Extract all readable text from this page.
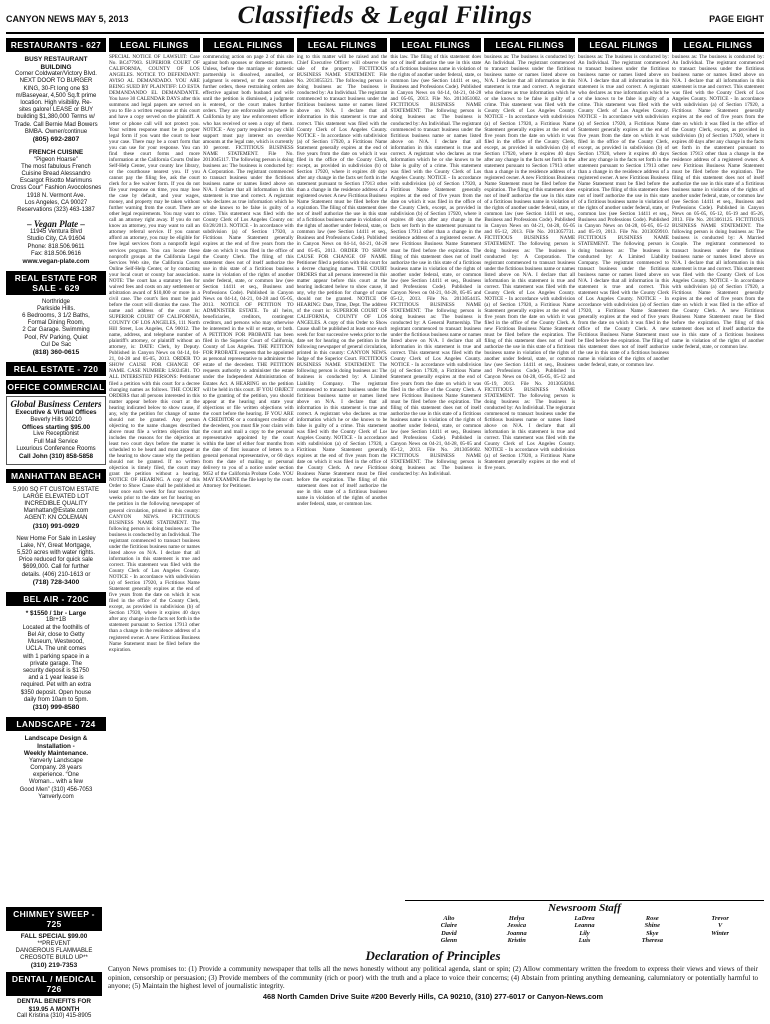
CANYON NEWS MAY 5, 2013	Classifieds & Legal Filings	PAGE EIGHT
RESTAURANTS - 627
BUSY RESTAURANT
BUILDING
Corner Coldwater/Victory Blvd.
NEXT DOOR TO BURGER
KING, 30-Ft long one $3
m/Baseyear, 4,500 Sq.ft prime
location. High visibility. Re-
sites galore! LEASE or BUY
building $1,380,000 Terms w/
Trade. Call Bernie Mad Bowers
BMBA. Owner/continue
(805) 692-2807
FRENCH CUISINE
“Pigeon Hoarse”
The most fabulous French
Cuisine Bread Alessandro
Escargot Risotto Marimuns
Cross Cour” Fashion Avocolosnes
1918 N. Vermont Ave.
Los Angeles, CA 90027
Reservations (323) 463-1387
– Vegan Plate –
11945 Ventura Blvd
Studio City, CA 91604
Phone: 818.506.9611
Fax: 818.506.9616
www.vegan-plate.com
REAL ESTATE FOR SALE - 629
Northridge
Parkside Hills.
6 Bedrooms, 3 1/2 Baths,
Formal Dining Room,
2 Car Garage. Swimming
Pool, RV Parking, Quiet
Cul De Sac
(818) 360-0615
REAL ESTATE - 720
OFFICE COMMERCIAL
Global Business Centers
Executive & Virtual Offices
Beverly Hills 90210
Offices starting $95.00
Live Receptionist
Full Mail Service
Luxurious Conference Rooms
Call John (310) 858-5858
MANHATTAN BEACH
5,990 SQ FT CUSTOM ESTATE
LARGE ELEVATED LOT
INCREDIBLE QUALITY
Manhattan@Estate.com
AGENT: KN COLEMAN
(310) 991-0929
New Home For Sale in Lesley
Lake, NY, Great Mortgage,
5,520 acres with water rights.
Price reduced for quick sale
$699,000. Call for further
details. (406) 210-1613 or
(718) 728-3400
BEL AIR - 720C
* $1550 / 1br - Large
1Br+1B
Located at the foothills of
Bel Air, close to Getty
Museum, Westwood,
UCLA. The unit comes
with 1 parking space in a
private garage. The
security deposit is $1750
and a 1 year lease is
required. Pet with an extra
$350 deposit. Open house
daily from 10am to 5pm.
(310) 999-8580
LANDSCAPE - 724
Landscape Design &
Installation -
Weekly Maintenance.
Yanverly Landscape
Company. 28 years
experience. “One
Woman... with a few
Good Men” (310) 456-7053
Yanverly.com
LEGAL FILINGS
SPECIAL NOTICE OF LAWSUIT: Case No. BC477903. SUPERIOR COURT OF CALIFORNIA, COUNTY OF LOS ANGELES. NOTICE TO DEFENDANT: AVISO AL DEMANDADO. YOU ARE BEING SUED BY PLAINTIFF: LO ESTA DEMANDANDO EL DEMANDANTE. You have 30 CALENDAR DAYS after this summons and legal papers are served on you to file a written response at this court and have a copy served on the plaintiff. A letter or phone call will not protect you. Your written response must be in proper legal form if you want the court to hear your case. There may be a court form that you can use for your response. You can find these court forms and more information at the California Courts Online Self-Help Center, your county law library, or the courthouse nearest you. If you cannot pay the filing fee, ask the court clerk for a fee waiver form. If you do not file your response on time, you may lose the case by default, and your wages, money, and property may be taken without further warning from the court. There are other legal requirements. You may want to call an attorney right away. If you do not know an attorney, you may want to call an attorney referral service. If you cannot afford an attorney, you may be eligible for free legal services from a nonprofit legal services program. You can locate these nonprofit groups at the California Legal Services Web site, the California Courts Online Self-Help Center, or by contacting your local court or county bar association. NOTE: The court has a statutory lien for waived fees and costs on any settlement or arbitration award of $10,000 or more in a civil case. The court's lien must be paid before the court will dismiss the case. The name and address of the court is: SUPERIOR COURT OF CALIFORNIA, COUNTY OF LOS ANGELES, 111 North Hill Street, Los Angeles, CA 90012. The name, address, and telephone number of plaintiff's attorney, or plaintiff without an attorney, is: DATE: Clerk, by Deputy. Published in Canyon News on 04-14, 04-21, 04-28 and 05-05, 2013. ORDER TO SHOW CAUSE FOR CHANGE OF NAME. CASE NUMBER: LS024581. TO ALL INTERESTED PERSONS: Petitioner filed a petition with this court for a decree changing names as follows. THE COURT ORDERS that all persons interested in this matter appear before this court at the hearing indicated below to show cause, if any, why the petition for change of name should not be granted. Any person objecting to the name changes described above must file a written objection that includes the reasons for the objection at least two court days before the matter is scheduled to be heard and must appear at the hearing to show cause why the petition should not be granted. If no written objection is timely filed, the court may grant the petition without a hearing. NOTICE OF HEARING. A copy of this Order to Show Cause shall be published at least once each week for four successive weeks prior to the date set for hearing on the petition in the following newspaper of general circulation, printed in this county: CANYON NEWS. FICTITIOUS BUSINESS NAME STATEMENT. The following person is doing business as: The business is conducted by an Individual. The registrant commenced to transact business under the fictitious business name or names listed above on N/A. I declare that all information in this statement is true and correct. This statement was filed with the County Clerk of Los Angeles County. NOTICE - In accordance with subdivision (a) of Section 17920, a Fictitious Name Statement generally expires at the end of five years from the date on which it was filed in the office of the County Clerk, except, as provided in subdivision (b) of Section 17920, where it expires 40 days after any change in the facts set forth in the statement pursuant to Section 17913 other than a change in the residence address of a registered owner. A new Fictitious Business Name Statement must be filed before the expiration.
LEGAL FILINGS
commencing action on page 2 of this site against both spouses or domestic partners. Unless, before the marriage or domestic partnership is dissolved, annulled, or judgment is entered, or the court makes further orders, these restraining orders are effective against both husband and wife until the petition is dismissed, a judgment is entered, or the court makes further orders. They are enforceable anywhere in California by any law enforcement officer who has received or seen a copy of them. NOTICE - Any party required to pay child support must pay interest on overdue amounts at the legal rate, which is currently 10 percent. FICTITIOUS BUSINESS NAME STATEMENT. File No. 2013045117. The following person is doing business as: The business is conducted by: A Corporation. The registrant commenced to transact business under the fictitious business name or names listed above on N/A. I declare that all information in this statement is true and correct. A registrant who declares as true information which he or she knows to be false is guilty of a crime. This statement was filed with the County Clerk of Los Angeles County on: 03/28/2013. NOTICE - In accordance with subdivision (a) of Section 17920, a Fictitious Name Statement generally expires at the end of five years from the date on which it was filed in the office of the County Clerk. The filing of this statement does not of itself authorize the use in this state of a fictitious business name in violation of the rights of another under federal, state, or common law (see Section 14411 et seq., Business and Professions Code). Published in Canyon News on 04-14, 04-21, 04-28 and 05-05, 2013. NOTICE OF PETITION TO ADMINISTER ESTATE. To all heirs, beneficiaries, creditors, contingent creditors, and persons who may otherwise be interested in the will or estate, or both. A PETITION FOR PROBATE has been filed in the Superior Court of California, County of Los Angeles. THE PETITION FOR PROBATE requests that be appointed as personal representative to administer the estate of the decedent. THE PETITION requests authority to administer the estate under the Independent Administration of Estates Act. A HEARING on the petition will be held in this court. IF YOU OBJECT to the granting of the petition, you should appear at the hearing and state your objections or file written objections with the court before the hearing. IF YOU ARE A CREDITOR or a contingent creditor of the decedent, you must file your claim with the court and mail a copy to the personal representative appointed by the court within the later of either four months from the date of first issuance of letters to a general personal representative, or 60 days from the date of mailing or personal delivery to you of a notice under section 9052 of the California Probate Code. YOU MAY EXAMINE the file kept by the court. Attorney for Petitioner.
LEGAL FILINGS
ing to this matter will be raised and the Chief Executive Officer will observe the sale of the property. FICTITIOUS BUSINESS NAME STATEMENT. File No. 2013055321. The following person is doing business as: The business is conducted by: An Individual. The registrant commenced to transact business under the fictitious business name or names listed above on N/A. I declare that all information in this statement is true and correct. This statement was filed with the County Clerk of Los Angeles County. NOTICE - In accordance with subdivision (a) of Section 17920, a Fictitious Name Statement generally expires at the end of five years from the date on which it was filed in the office of the County Clerk, except, as provided in subdivision (b) of Section 17920, where it expires 40 days after any change in the facts set forth in the statement pursuant to Section 17913 other than a change in the residence address of a registered owner. A new Fictitious Business Name Statement must be filed before the expiration. The filing of this statement does not of itself authorize the use in this state of a fictitious business name in violation of the rights of another under federal, state, or common law (see Section 14411 et seq., Business and Professions Code). Published in Canyon News on 04-14, 04-21, 04-28 and 05-05, 2013. ORDER TO SHOW CAUSE FOR CHANGE OF NAME. Petitioner filed a petition with this court for a decree changing names. THE COURT ORDERS that all persons interested in this matter appear before this court at the hearing indicated below to show cause, if any, why the petition for change of name should not be granted. NOTICE OF HEARING: Date, Time, Dept. The address of the court is: SUPERIOR COURT OF CALIFORNIA, COUNTY OF LOS ANGELES. A copy of this Order to Show Cause shall be published at least once each week for four successive weeks prior to the date set for hearing on the petition in the following newspaper of general circulation, printed in this county: CANYON NEWS. Judge of the Superior Court. FICTITIOUS BUSINESS NAME STATEMENT. The following person is doing business as: The business is conducted by: A Limited Liability Company. The registrant commenced to transact business under the fictitious business name or names listed above on N/A. I declare that all information in this statement is true and correct. A registrant who declares as true information which he or she knows to be false is guilty of a crime. This statement was filed with the County Clerk of Los Angeles County. NOTICE - In accordance with subdivision (a) of Section 17920, a Fictitious Name Statement generally expires at the end of five years from the date on which it was filed in the office of the County Clerk. A new Fictitious Business Name Statement must be filed before the expiration. The filing of this statement does not of itself authorize the use in this state of a fictitious business name in violation of the rights of another under federal, state, or common law.
LEGAL FILINGS
this law. The filing of this statement does not of itself authorize the use in this state of a fictitious business name in violation of the rights of another under federal, state, or common law (see Section 14411 et seq., Business and Professions Code). Published in Canyon News on 04-14, 04-21, 04-28 and 05-05, 2013. File No. 2013051002. FICTITIOUS BUSINESS NAME STATEMENT. The following person is doing business as: The business is conducted by: An Individual. The registrant commenced to transact business under the fictitious business name or names listed above on N/A. I declare that all information in this statement is true and correct. A registrant who declares as true information which he or she knows to be false is guilty of a crime. This statement was filed with the County Clerk of Los Angeles County. NOTICE - In accordance with subdivision (a) of Section 17920, a Fictitious Name Statement generally expires at the end of five years from the date on which it was filed in the office of the County Clerk, except, as provided in subdivision (b) of Section 17920, where it expires 40 days after any change in the facts set forth in the statement pursuant to Section 17913 other than a change in the residence address of a registered owner. A new Fictitious Business Name Statement must be filed before the expiration. The filing of this statement does not of itself authorize the use in this state of a fictitious business name in violation of the rights of another under federal, state, or common law (see Section 14411 et seq., Business and Professions Code). Published in Canyon News on 04-21, 04-28, 05-05 and 05-12, 2013. File No. 2013054415. FICTITIOUS BUSINESS NAME STATEMENT. The following person is doing business as: The business is conducted by: A General Partnership. The registrant commenced to transact business under the fictitious business name or names listed above on N/A. I declare that all information in this statement is true and correct. This statement was filed with the County Clerk of Los Angeles County. NOTICE - In accordance with subdivision (a) of Section 17920, a Fictitious Name Statement generally expires at the end of five years from the date on which it was filed in the office of the County Clerk. A new Fictitious Business Name Statement must be filed before the expiration. The filing of this statement does not of itself authorize the use in this state of a fictitious business name in violation of the rights of another under federal, state, or common law (see Section 14411 et seq., Business and Professions Code). Published in Canyon News on 04-21, 04-28, 05-05 and 05-12, 2013. File No. 2013056602. FICTITIOUS BUSINESS NAME STATEMENT. The following person is doing business as: The business is conducted by: An Individual.
LEGAL FILINGS
business as: The business is conducted by: An Individual. The registrant commenced to transact business under the fictitious business name or names listed above on N/A. I declare that all information in this statement is true and correct. A registrant who declares as true information which he or she knows to be false is guilty of a crime. This statement was filed with the County Clerk of Los Angeles County. NOTICE - In accordance with subdivision (a) of Section 17920, a Fictitious Name Statement generally expires at the end of five years from the date on which it was filed in the office of the County Clerk, except, as provided in subdivision (b) of Section 17920, where it expires 40 days after any change in the facts set forth in the statement pursuant to Section 17913 other than a change in the residence address of a registered owner. A new Fictitious Business Name Statement must be filed before the expiration. The filing of this statement does not of itself authorize the use in this state of a fictitious business name in violation of the rights of another under federal, state, or common law (see Section 14411 et seq., Business and Professions Code). Published in Canyon News on 04-21, 04-28, 05-05 and 05-12, 2013. File No. 2013057731. FICTITIOUS BUSINESS NAME STATEMENT. The following person is doing business as: The business is conducted by: A Corporation. The registrant commenced to transact business under the fictitious business name or names listed above on N/A. I declare that all information in this statement is true and correct. This statement was filed with the County Clerk of Los Angeles County. NOTICE - In accordance with subdivision (a) of Section 17920, a Fictitious Name Statement generally expires at the end of five years from the date on which it was filed in the office of the County Clerk. A new Fictitious Business Name Statement must be filed before the expiration. The filing of this statement does not of itself authorize the use in this state of a fictitious business name in violation of the rights of another under federal, state, or common law (see Section 14411 et seq., Business and Professions Code). Published in Canyon News on 04-28, 05-05, 05-12 and 05-19, 2013. File No. 2013058204. FICTITIOUS BUSINESS NAME STATEMENT. The following person is doing business as: The business is conducted by: An Individual. The registrant commenced to transact business under the fictitious business name or names listed above on N/A. I declare that all information in this statement is true and correct. This statement was filed with the County Clerk of Los Angeles County. NOTICE - In accordance with subdivision (a) of Section 17920, a Fictitious Name Statement generally expires at the end of five years.
LEGAL FILINGS
business as: The business is conducted by: An Individual. The registrant commenced to transact business under the fictitious business name or names listed above on N/A. I declare that all information in this statement is true and correct. A registrant who declares as true information which he or she knows to be false is guilty of a crime. This statement was filed with the County Clerk of Los Angeles County. NOTICE - In accordance with subdivision (a) of Section 17920, a Fictitious Name Statement generally expires at the end of five years from the date on which it was filed in the office of the County Clerk, except, as provided in subdivision (b) of Section 17920, where it expires 40 days after any change in the facts set forth in the statement pursuant to Section 17913 other than a change in the residence address of a registered owner. A new Fictitious Business Name Statement must be filed before the expiration. The filing of this statement does not of itself authorize the use in this state of a fictitious business name in violation of the rights of another under federal, state, or common law (see Section 14411 et seq., Business and Professions Code). Published in Canyon News on 04-28, 05-05, 05-12 and 05-19, 2013. File No. 2013059910. FICTITIOUS BUSINESS NAME STATEMENT. The following person is doing business as: The business is conducted by: A Limited Liability Company. The registrant commenced to transact business under the fictitious business name or names listed above on N/A. I declare that all information in this statement is true and correct. This statement was filed with the County Clerk of Los Angeles County. NOTICE - In accordance with subdivision (a) of Section 17920, a Fictitious Name Statement generally expires at the end of five years from the date on which it was filed in the office of the County Clerk. A new Fictitious Business Name Statement must be filed before the expiration. The filing of this statement does not of itself authorize the use in this state of a fictitious business name in violation of the rights of another under federal, state, or common law.
LEGAL FILINGS
business as: The business is conducted by: An Individual. The registrant commenced to transact business under the fictitious business name or names listed above on N/A. I declare that all information in this statement is true and correct. This statement was filed with the County Clerk of Los Angeles County. NOTICE - In accordance with subdivision (a) of Section 17920, a Fictitious Name Statement generally expires at the end of five years from the date on which it was filed in the office of the County Clerk, except, as provided in subdivision (b) of Section 17920, where it expires 40 days after any change in the facts set forth in the statement pursuant to Section 17913 other than a change in the residence address of a registered owner. A new Fictitious Business Name Statement must be filed before the expiration. The filing of this statement does not of itself authorize the use in this state of a fictitious business name in violation of the rights of another under federal, state, or common law (see Section 14411 et seq., Business and Professions Code). Published in Canyon News on 05-05, 05-12, 05-19 and 05-26, 2013. File No. 2013061125. FICTITIOUS BUSINESS NAME STATEMENT. The following person is doing business as: The business is conducted by: A Married Couple. The registrant commenced to transact business under the fictitious business name or names listed above on N/A. I declare that all information in this statement is true and correct. This statement was filed with the County Clerk of Los Angeles County. NOTICE - In accordance with subdivision (a) of Section 17920, a Fictitious Name Statement generally expires at the end of five years from the date on which it was filed in the office of the County Clerk. A new Fictitious Business Name Statement must be filed before the expiration. The filing of this statement does not of itself authorize the use in this state of a fictitious business name in violation of the rights of another under federal, state, or common law.
CHIMNEY SWEEP - 725
FALL SPECIAL $99.00
**PREVENT
DANGEROUS FLAMMABLE
CREOSOTE BUILD UP**
(310) 219-7353
DENTAL / MEDICAL 726
DENTAL BENEFITS FOR
$19.95 A MONTH
Call Kristina (310) 415-8905
Newsroom Staff
Alto
Claire
David
Glenn
Helya
Jessica
Joanna
Kristin
LaDrea
Leanna
Lily
Luis
Rose
Shine
Skye
Theresa
Trevor
V
Winter
Declaration of Principles
Canyon News promises to: (1) Provide a community newspaper that tells all the news honestly without any political agenda, slant or spin; (2) Allow commentary written the freedom to express their views and views of their opinion, censorship or persuasion; (3) Provide members of the community (rich or poor) with the truth and a place to voice their concerns; (4) Abstain from printing anything demeaning, calumniatory or potentially harmful to anyone; (5) Maintain the highest level of journalistic integrity.
468 North Camden Drive Suite #200 Beverly Hills, CA 90210, (310) 277-6017 or Canyon-News.com
